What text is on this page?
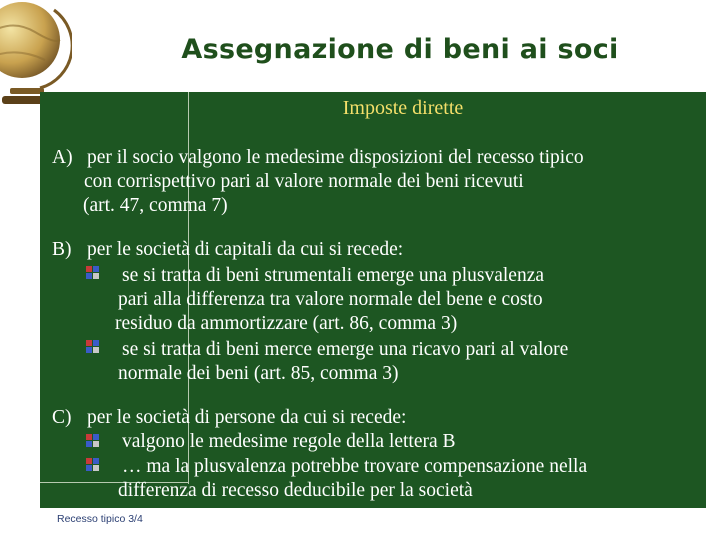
Assegnazione di beni ai soci
Imposte dirette
A) per il socio valgono le medesime disposizioni del recesso tipico
con corrispettivo pari al valore normale dei beni ricevuti
(art. 47, comma 7)
B) per le società di capitali da cui si recede:
se si tratta di beni strumentali emerge una plusvalenza
pari alla differenza tra valore normale del bene e costo
residuo da ammortizzare (art. 86, comma 3)
se si tratta di beni merce emerge una ricavo pari al valore
normale dei beni (art. 85, comma 3)
C) per le società di persone da cui si recede:
valgono le medesime regole della lettera B
… ma la plusvalenza potrebbe trovare compensazione nella
differenza di recesso deducibile per la società
Recesso tipico 3/4
